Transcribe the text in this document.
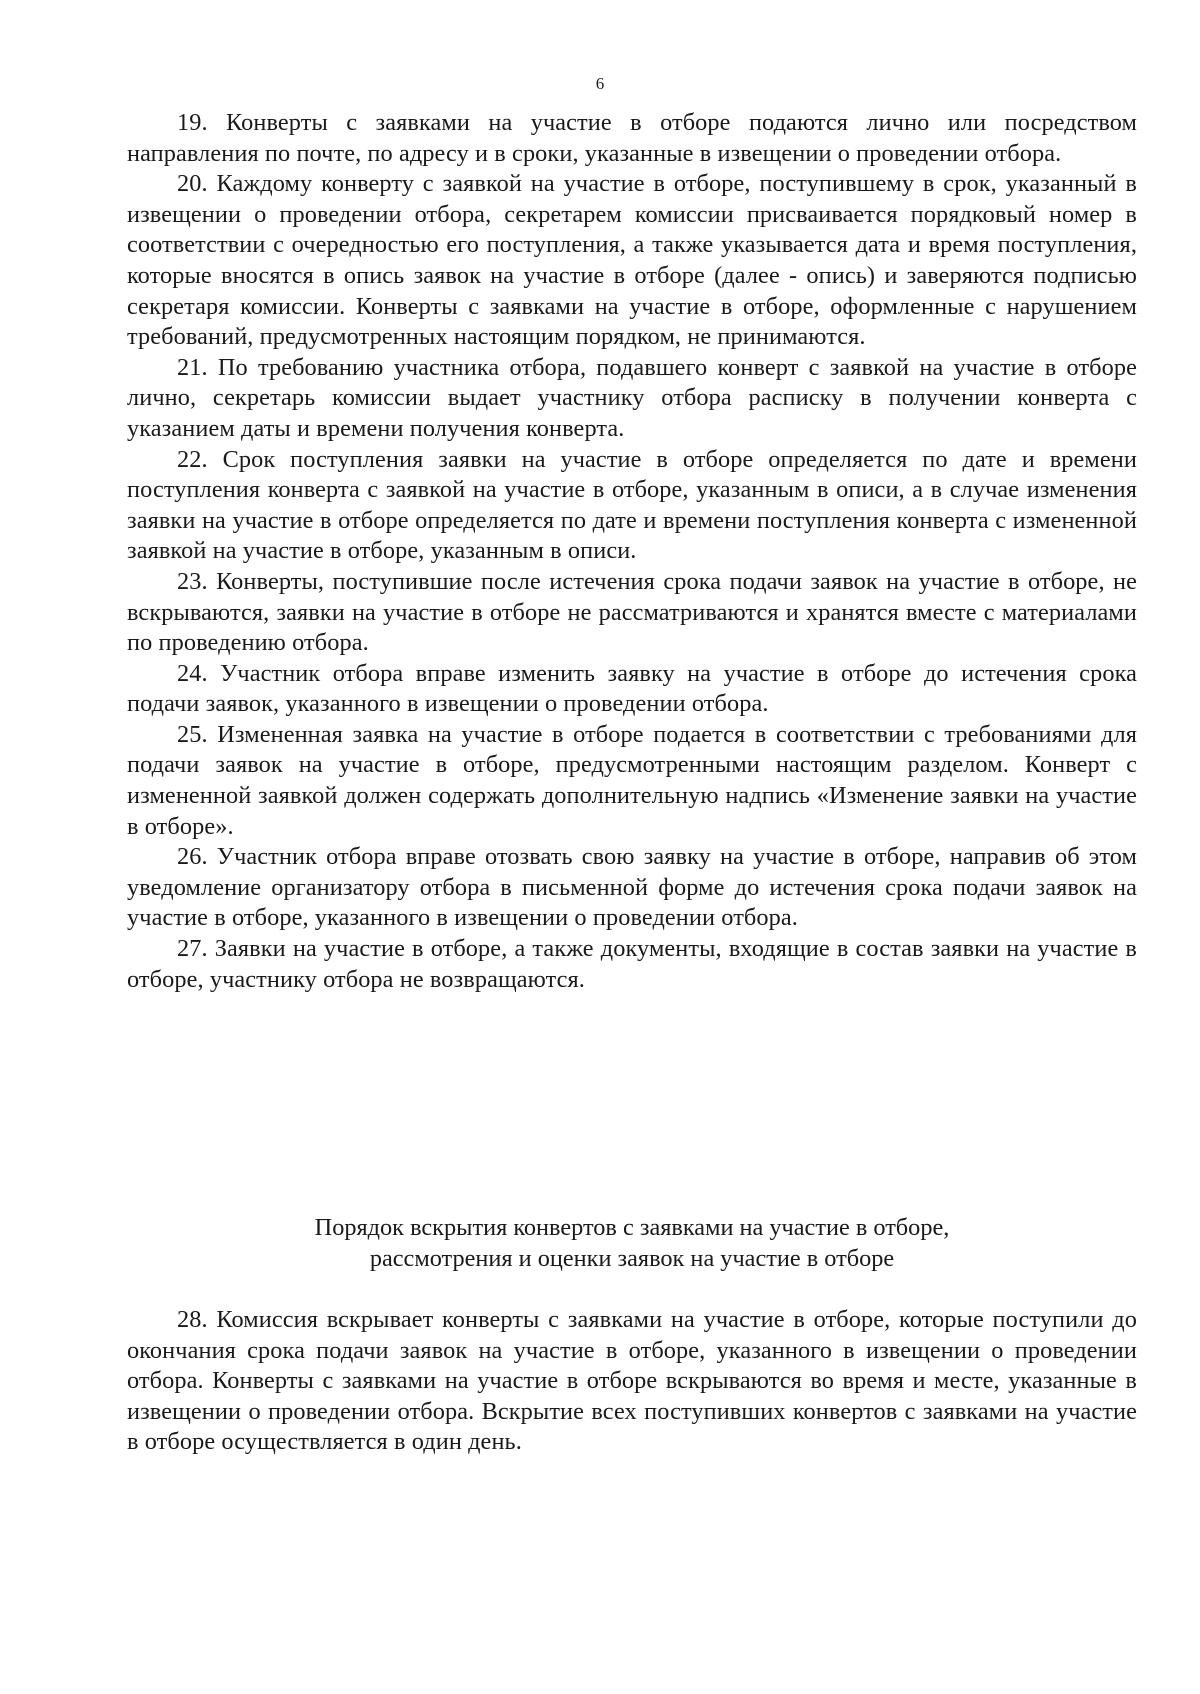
6

19. Конверты с заявками на участие в отборе подаются лично или посредством направления по почте, по адресу и в сроки, указанные в извещении о проведении отбора.

20. Каждому конверту с заявкой на участие в отборе, поступившему в срок, указанный в извещении о проведении отбора, секретарем комиссии присваивается порядковый номер в соответствии с очередностью его поступления, а также указывается дата и время поступления, которые вносятся в опись заявок на участие в отборе (далее - опись) и заверяются подписью секретаря комиссии. Конверты с заявками на участие в отборе, оформленные с нарушением требований, предусмотренных настоящим порядком, не принимаются.

21. По требованию участника отбора, подавшего конверт с заявкой на участие в отборе лично, секретарь комиссии выдает участнику отбора расписку в получении конверта с указанием даты и времени получения конверта.

22. Срок поступления заявки на участие в отборе определяется по дате и времени поступления конверта с заявкой на участие в отборе, указанным в описи, а в случае изменения заявки на участие в отборе определяется по дате и времени поступления конверта с измененной заявкой на участие в отборе, указанным в описи.

23. Конверты, поступившие после истечения срока подачи заявок на участие в отборе, не вскрываются, заявки на участие в отборе не рассматриваются и хранятся вместе с материалами по проведению отбора.

24. Участник отбора вправе изменить заявку на участие в отборе до истечения срока подачи заявок, указанного в извещении о проведении отбора.

25. Измененная заявка на участие в отборе подается в соответствии с требованиями для подачи заявок на участие в отборе, предусмотренными настоящим разделом. Конверт с измененной заявкой должен содержать дополнительную надпись «Изменение заявки на участие в отборе».

26. Участник отбора вправе отозвать свою заявку на участие в отборе, направив об этом уведомление организатору отбора в письменной форме до истечения срока подачи заявок на участие в отборе, указанного в извещении о проведении отбора.

27. Заявки на участие в отборе, а также документы, входящие в состав заявки на участие в отборе, участнику отбора не возвращаются.

Порядок вскрытия конвертов с заявками на участие в отборе,
рассмотрения и оценки заявок на участие в отборе

28. Комиссия вскрывает конверты с заявками на участие в отборе, которые поступили до окончания срока подачи заявок на участие в отборе, указанного в извещении о проведении отбора. Конверты с заявками на участие в отборе вскрываются во время и месте, указанные в извещении о проведении отбора. Вскрытие всех поступивших конвертов с заявками на участие в отборе осуществляется в один день.
